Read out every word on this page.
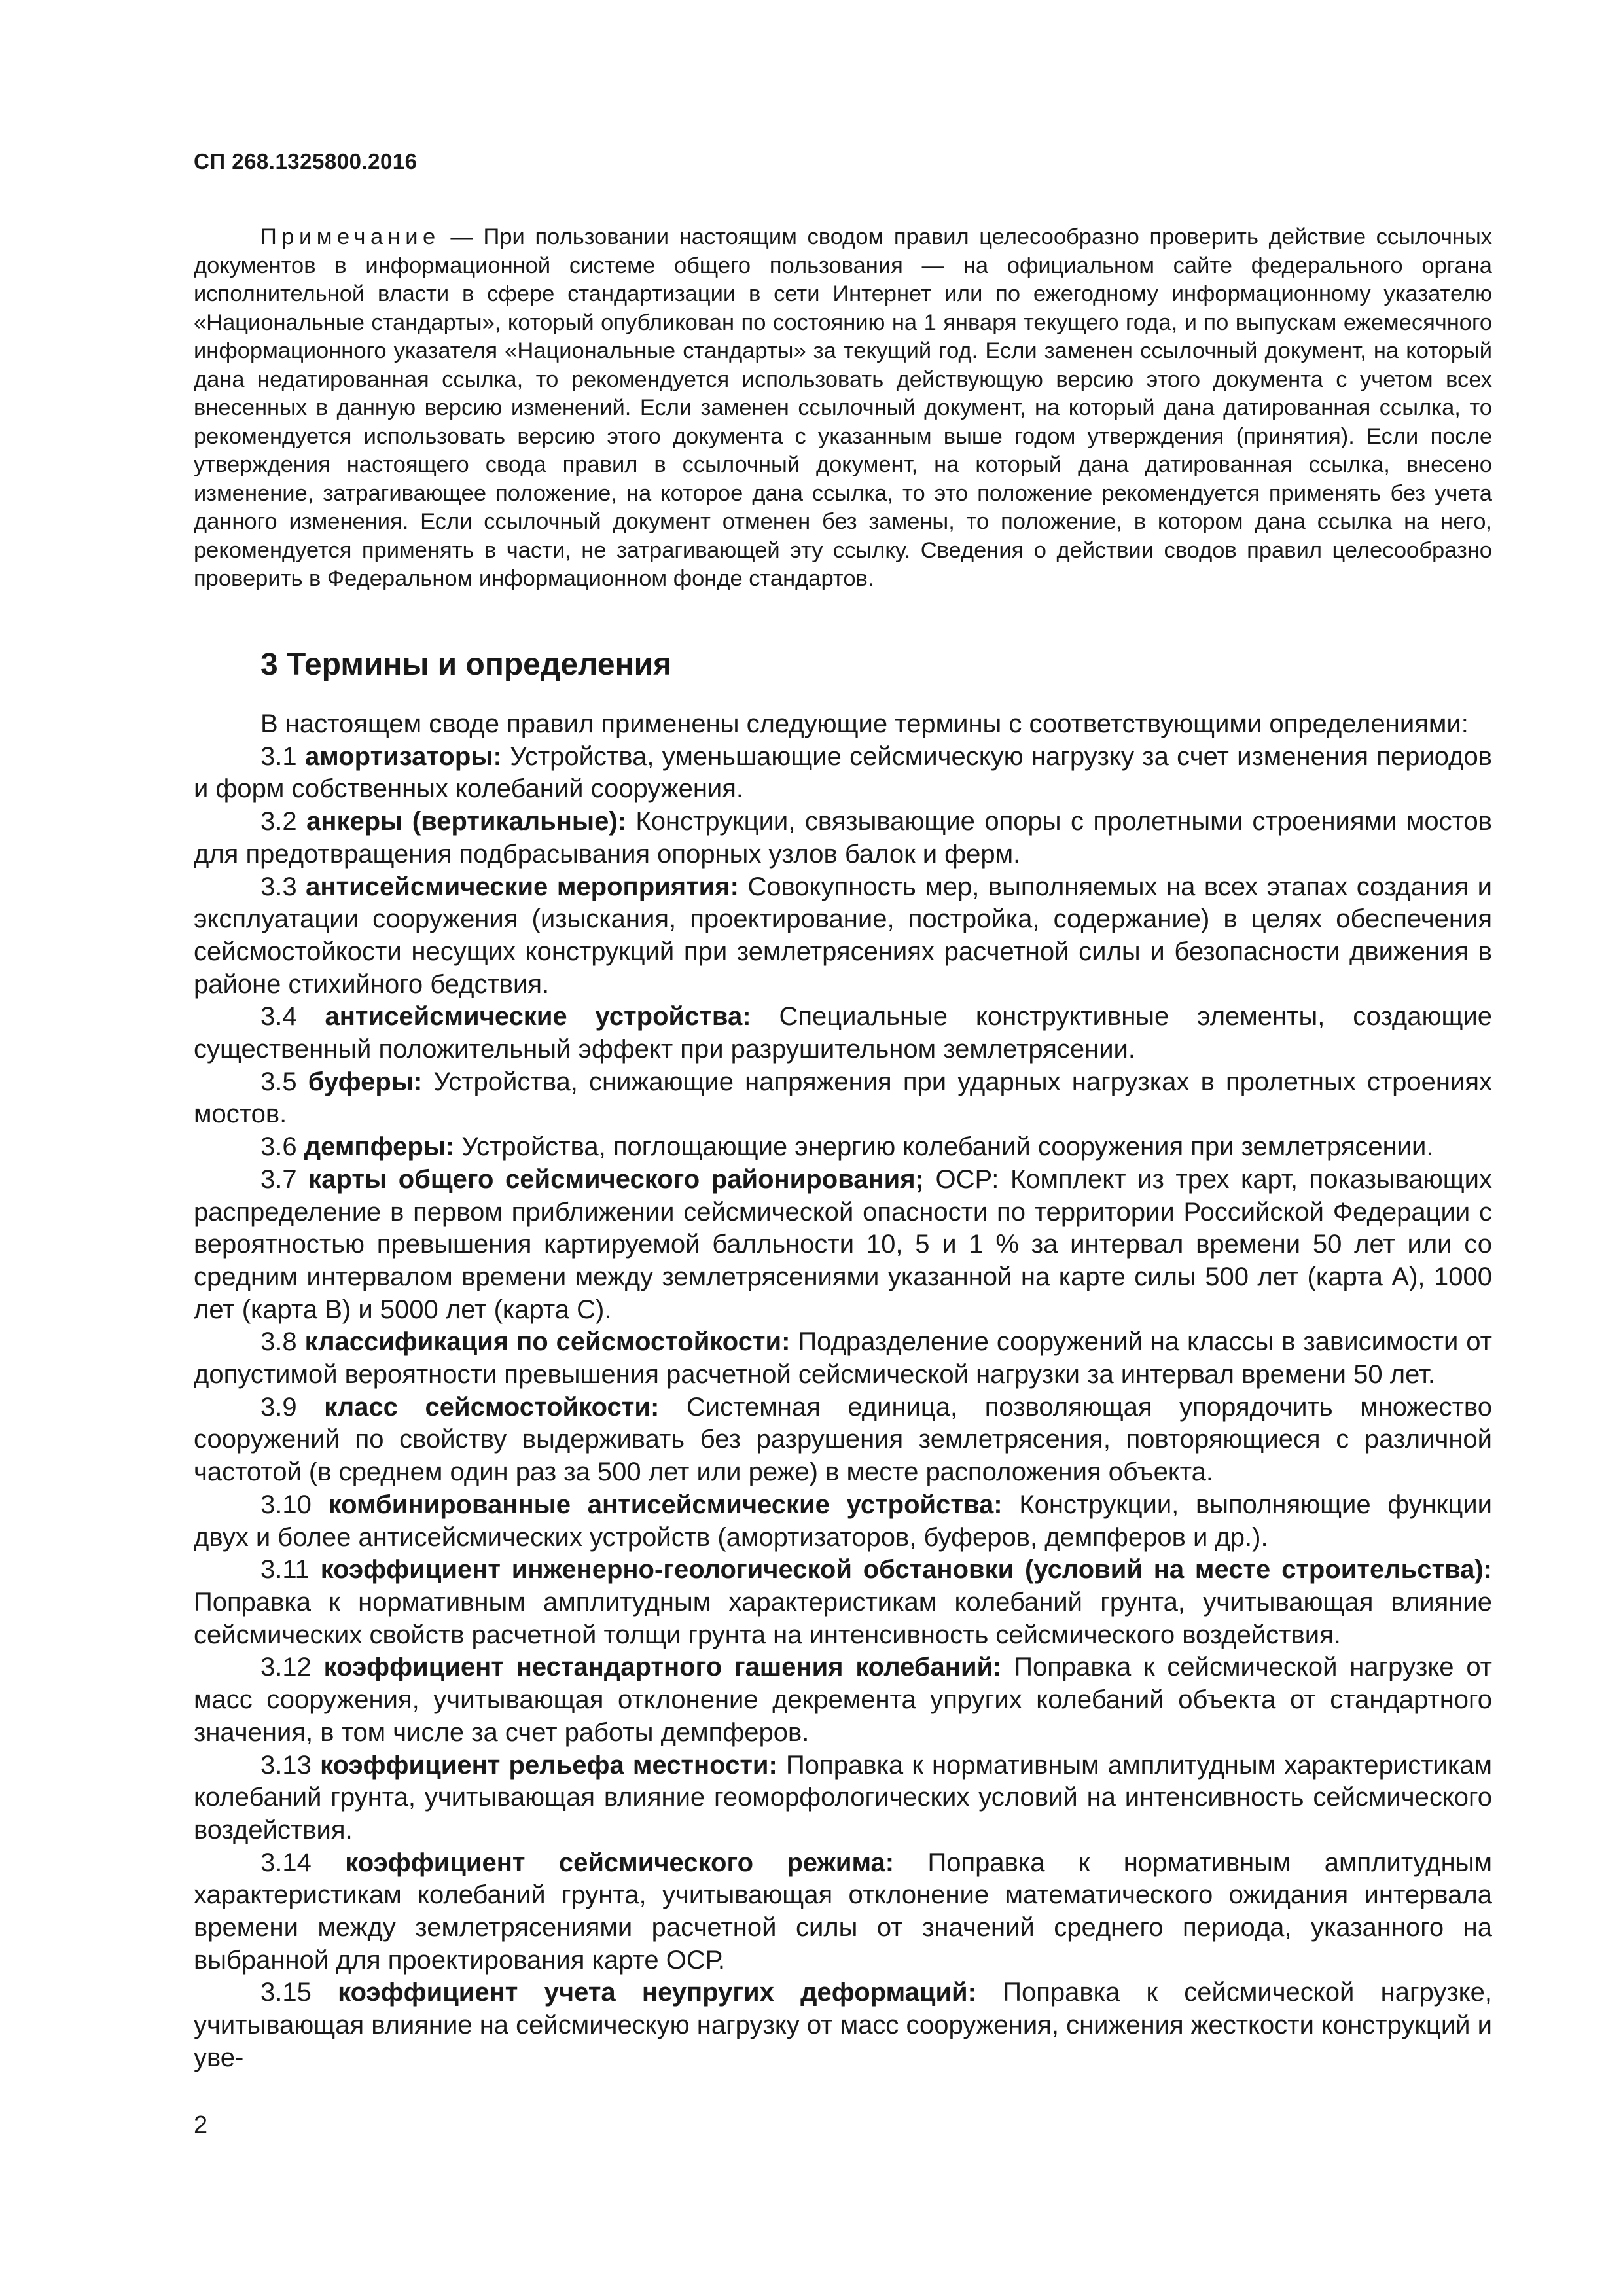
СП 268.1325800.2016

Примечание — При пользовании настоящим сводом правил целесообразно проверить действие ссылочных документов в информационной системе общего пользования — на официальном сайте федерального органа исполнительной власти в сфере стандартизации в сети Интернет или по ежегодному информационному указателю «Национальные стандарты», который опубликован по состоянию на 1 января текущего года, и по выпускам ежемесячного информационного указателя «Национальные стандарты» за текущий год. Если заменен ссылочный документ, на который дана недатированная ссылка, то рекомендуется использовать действующую версию этого документа с учетом всех внесенных в данную версию изменений. Если заменен ссылочный документ, на который дана датированная ссылка, то рекомендуется использовать версию этого документа с указанным выше годом утверждения (принятия). Если после утверждения настоящего свода правил в ссылочный документ, на который дана датированная ссылка, внесено изменение, затрагивающее положение, на которое дана ссылка, то это положение рекомендуется применять без учета данного изменения. Если ссылочный документ отменен без замены, то положение, в котором дана ссылка на него, рекомендуется применять в части, не затрагивающей эту ссылку. Сведения о действии сводов правил целесообразно проверить в Федеральном информационном фонде стандартов.

3 Термины и определения

В настоящем своде правил применены следующие термины с соответствующими определениями:

3.1 амортизаторы: Устройства, уменьшающие сейсмическую нагрузку за счет изменения периодов и форм собственных колебаний сооружения.

3.2 анкеры (вертикальные): Конструкции, связывающие опоры с пролетными строениями мостов для предотвращения подбрасывания опорных узлов балок и ферм.

3.3 антисейсмические мероприятия: Совокупность мер, выполняемых на всех этапах создания и эксплуатации сооружения (изыскания, проектирование, постройка, содержание) в целях обеспечения сейсмостойкости несущих конструкций при землетрясениях расчетной силы и безопасности движения в районе стихийного бедствия.

3.4 антисейсмические устройства: Специальные конструктивные элементы, создающие существенный положительный эффект при разрушительном землетрясении.

3.5 буферы: Устройства, снижающие напряжения при ударных нагрузках в пролетных строениях мостов.

3.6 демпферы: Устройства, поглощающие энергию колебаний сооружения при землетрясении.

3.7 карты общего сейсмического районирования; ОСР: Комплект из трех карт, показывающих распределение в первом приближении сейсмической опасности по территории Российской Федерации с вероятностью превышения картируемой балльности 10, 5 и 1 % за интервал времени 50 лет или со средним интервалом времени между землетрясениями указанной на карте силы 500 лет (карта А), 1000 лет (карта В) и 5000 лет (карта С).

3.8 классификация по сейсмостойкости: Подразделение сооружений на классы в зависимости от допустимой вероятности превышения расчетной сейсмической нагрузки за интервал времени 50 лет.

3.9 класс сейсмостойкости: Системная единица, позволяющая упорядочить множество сооружений по свойству выдерживать без разрушения землетрясения, повторяющиеся с различной частотой (в среднем один раз за 500 лет или реже) в месте расположения объекта.

3.10 комбинированные антисейсмические устройства: Конструкции, выполняющие функции двух и более антисейсмических устройств (амортизаторов, буферов, демпферов и др.).

3.11 коэффициент инженерно-геологической обстановки (условий на месте строительства): Поправка к нормативным амплитудным характеристикам колебаний грунта, учитывающая влияние сейсмических свойств расчетной толщи грунта на интенсивность сейсмического воздействия.

3.12 коэффициент нестандартного гашения колебаний: Поправка к сейсмической нагрузке от масс сооружения, учитывающая отклонение декремента упругих колебаний объекта от стандартного значения, в том числе за счет работы демпферов.

3.13 коэффициент рельефа местности: Поправка к нормативным амплитудным характеристикам колебаний грунта, учитывающая влияние геоморфологических условий на интенсивность сейсмического воздействия.

3.14 коэффициент сейсмического режима: Поправка к нормативным амплитудным характеристикам колебаний грунта, учитывающая отклонение математического ожидания интервала времени между землетрясениями расчетной силы от значений среднего периода, указанного на выбранной для проектирования карте ОСР.

3.15 коэффициент учета неупругих деформаций: Поправка к сейсмической нагрузке, учитывающая влияние на сейсмическую нагрузку от масс сооружения, снижения жесткости конструкций и уве-

2
